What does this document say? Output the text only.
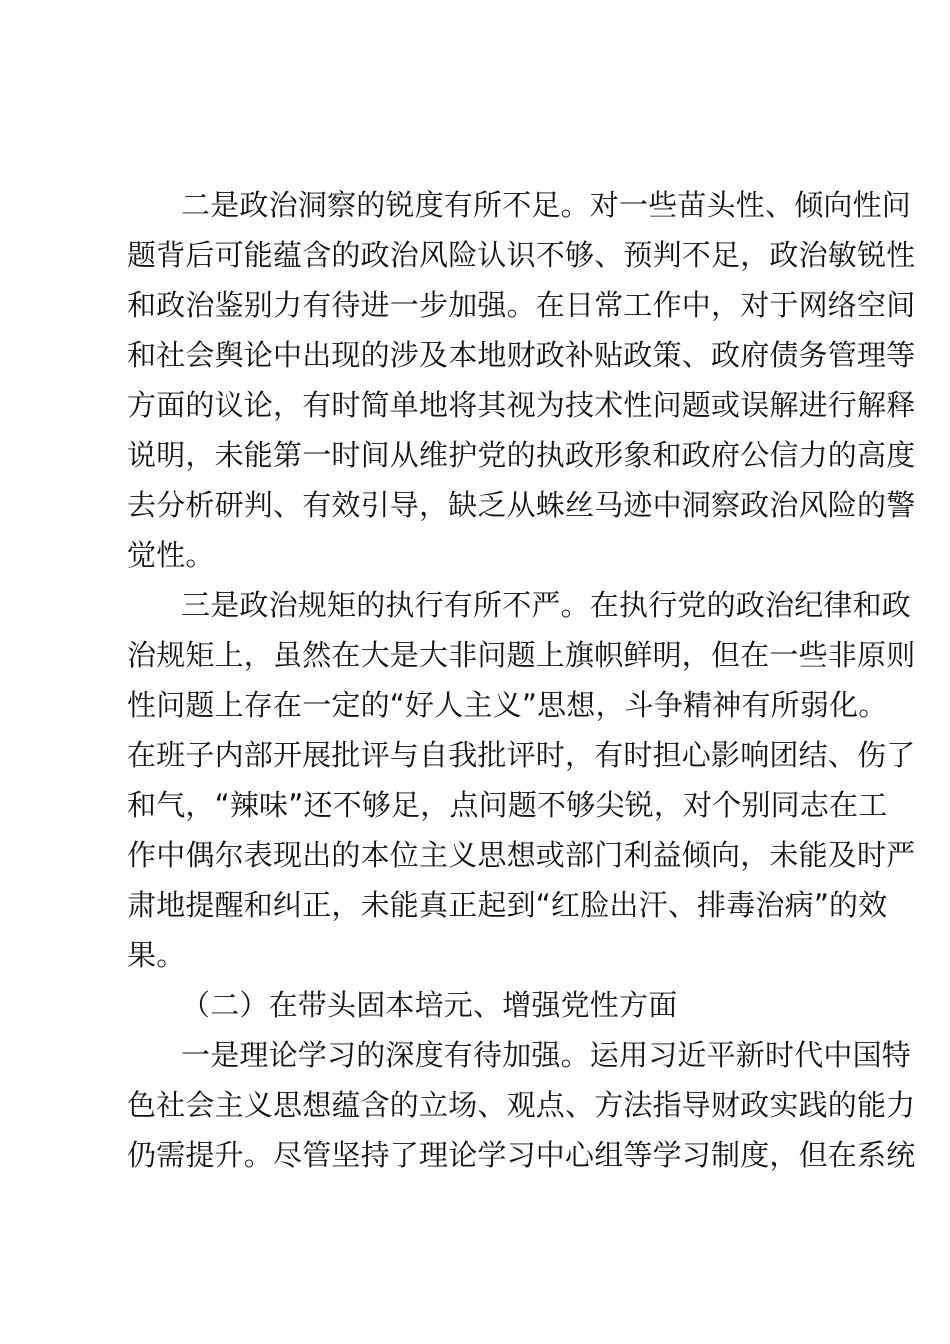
二是政治洞察的锐度有所不足。对一些苗头性、倾向性问
题背后可能蕴含的政治风险认识不够、预判不足，政治敏锐性
和政治鉴别力有待进一步加强。在日常工作中，对于网络空间
和社会舆论中出现的涉及本地财政补贴政策、政府债务管理等
方面的议论，有时简单地将其视为技术性问题或误解进行解释
说明，未能第一时间从维护党的执政形象和政府公信力的高度
去分析研判、有效引导，缺乏从蛛丝马迹中洞察政治风险的警
觉性。
三是政治规矩的执行有所不严。在执行党的政治纪律和政
治规矩上，虽然在大是大非问题上旗帜鲜明，但在一些非原则
性问题上存在一定的“好人主义”思想，斗争精神有所弱化。
在班子内部开展批评与自我批评时，有时担心影响团结、伤了
和气，“辣味”还不够足，点问题不够尖锐，对个别同志在工
作中偶尔表现出的本位主义思想或部门利益倾向，未能及时严
肃地提醒和纠正，未能真正起到“红脸出汗、排毒治病”的效
果。
（二）在带头固本培元、增强党性方面
一是理论学习的深度有待加强。运用习近平新时代中国特
色社会主义思想蕴含的立场、观点、方法指导财政实践的能力
仍需提升。尽管坚持了理论学习中心组等学习制度，但在系统
